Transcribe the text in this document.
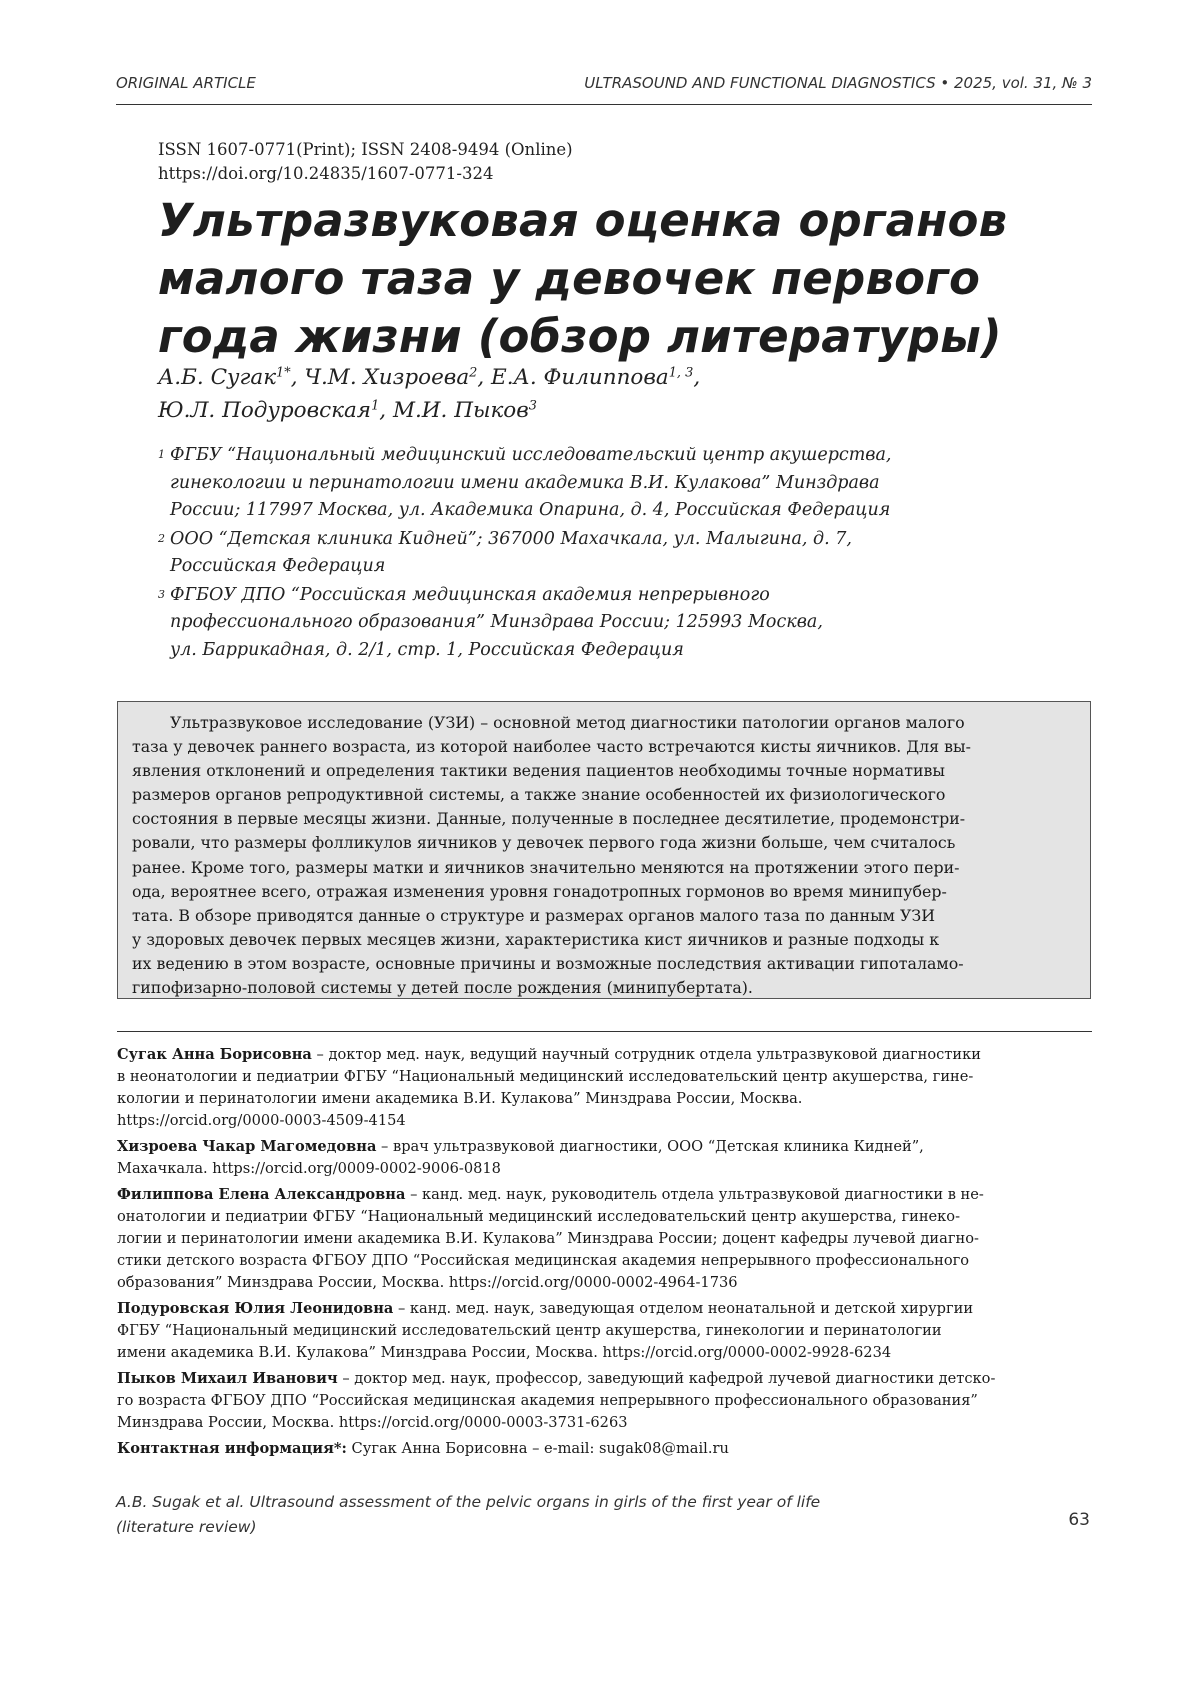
ORIGINAL ARTICLE	ULTRASOUND AND FUNCTIONAL DIAGNOSTICS • 2025, vol. 31, № 3
ISSN 1607-0771(Print); ISSN 2408-9494 (Online)
https://doi.org/10.24835/1607-0771-324
Ультразвуковая оценка органов
малого таза у девочек первого
года жизни (обзор литературы)
А.Б. Сугак1*, Ч.М. Хизроева2, Е.А. Филиппова1, 3,
Ю.Л. Подуровская1, М.И. Пыков3
1 ФГБУ “Национальный медицинский исследовательский центр акушерства,
гинекологии и перинатологии имени академика В.И. Кулакова” Минздрава
России; 117997 Москва, ул. Академика Опарина, д. 4, Российская Федерация
2 ООО “Детская клиника Кидней”; 367000 Махачкала, ул. Малыгина, д. 7,
Российская Федерация
3 ФГБОУ ДПО “Российская медицинская академия непрерывного
профессионального образования” Минздрава России; 125993 Москва,
ул. Баррикадная, д. 2/1, стр. 1, Российская Федерация
Ультразвуковое исследование (УЗИ) – основной метод диагностики патологии органов малого
таза у девочек раннего возраста, из которой наиболее часто встречаются кисты яичников. Для вы-
явления отклонений и определения тактики ведения пациентов необходимы точные нормативы
размеров органов репродуктивной системы, а также знание особенностей их физиологического
состояния в первые месяцы жизни. Данные, полученные в последнее десятилетие, продемонстри-
ровали, что размеры фолликулов яичников у девочек первого года жизни больше, чем считалось
ранее. Кроме того, размеры матки и яичников значительно меняются на протяжении этого пери-
ода, вероятнее всего, отражая изменения уровня гонадотропных гормонов во время минипубер-
тата. В обзоре приводятся данные о структуре и размерах органов малого таза по данным УЗИ
у здоровых девочек первых месяцев жизни, характеристика кист яичников и разные подходы к
их ведению в этом возрасте, основные причины и возможные последствия активации гипоталамо-
гипофизарно-половой системы у детей после рождения (минипубертата).
Сугак Анна Борисовна – доктор мед. наук, ведущий научный сотрудник отдела ультразвуковой диагностики
в неонатологии и педиатрии ФГБУ “Национальный медицинский исследовательский центр акушерства, гине-
кологии и перинатологии имени академика В.И. Кулакова” Минздрава России, Москва.
https://orcid.org/0000-0003-4509-4154
Хизроева Чакар Магомедовна – врач ультразвуковой диагностики, ООО “Детская клиника Кидней”,
Махачкала. https://orcid.org/0009-0002-9006-0818
Филиппова Елена Александровна – канд. мед. наук, руководитель отдела ультразвуковой диагностики в не-
онатологии и педиатрии ФГБУ “Национальный медицинский исследовательский центр акушерства, гинеко-
логии и перинатологии имени академика В.И. Кулакова” Минздрава России; доцент кафедры лучевой диагно-
стики детского возраста ФГБОУ ДПО “Российская медицинская академия непрерывного профессионального
образования” Минздрава России, Москва. https://orcid.org/0000-0002-4964-1736
Подуровская Юлия Леонидовна – канд. мед. наук, заведующая отделом неонатальной и детской хирургии
ФГБУ “Национальный медицинский исследовательский центр акушерства, гинекологии и перинатологии
имени академика В.И. Кулакова” Минздрава России, Москва. https://orcid.org/0000-0002-9928-6234
Пыков Михаил Иванович – доктор мед. наук, профессор, заведующий кафедрой лучевой диагностики детско-
го возраста ФГБОУ ДПО “Российская медицинская академия непрерывного профессионального образования”
Минздрава России, Москва. https://orcid.org/0000-0003-3731-6263
Контактная информация*: Сугак Анна Борисовна – e-mail: sugak08@mail.ru
A.B. Sugak et al. Ultrasound assessment of the pelvic organs in girls of the first year of life
(literature review)	63
